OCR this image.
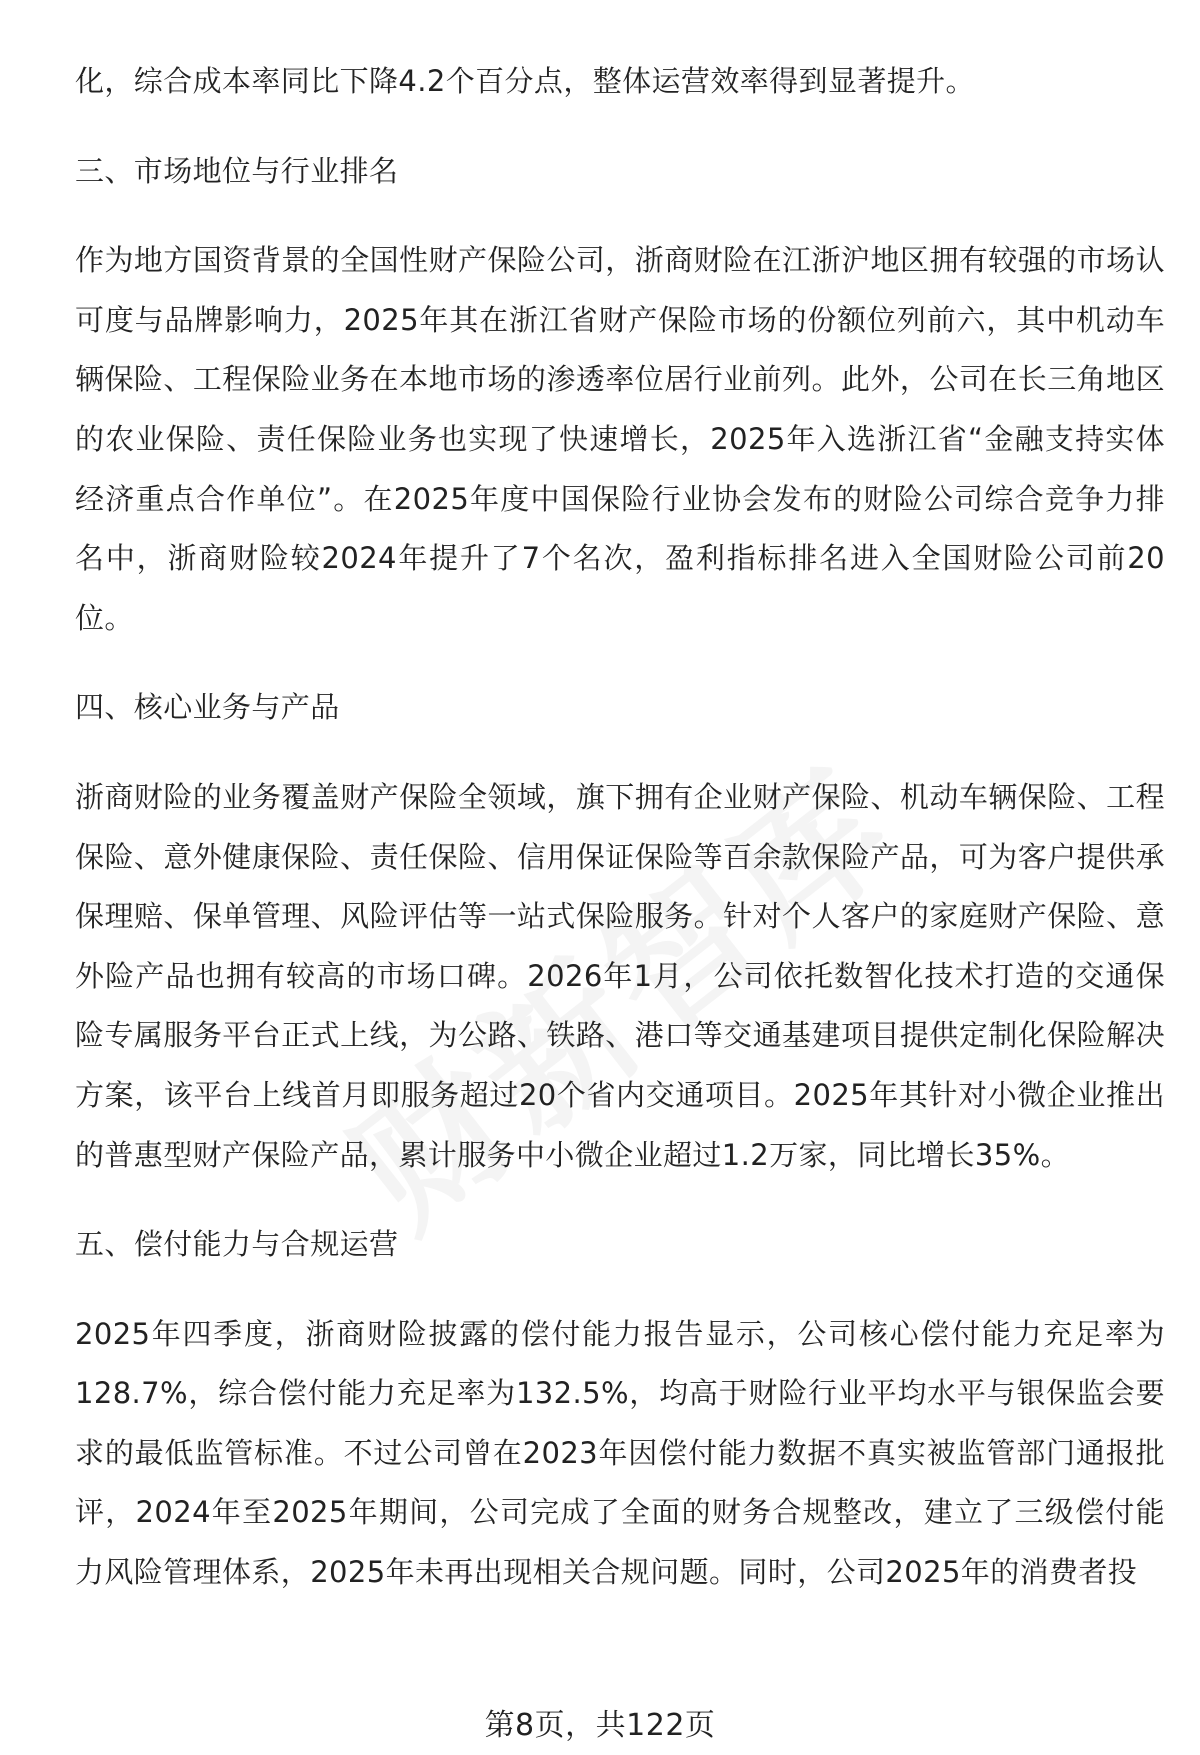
化，综合成本率同比下降4.2个百分点，整体运营效率得到显著提升。

三、市场地位与行业排名

作为地方国资背景的全国性财产保险公司，浙商财险在江浙沪地区拥有较强的市场认可度与品牌影响力，2025年其在浙江省财产保险市场的份额位列前六，其中机动车辆保险、工程保险业务在本地市场的渗透率位居行业前列。此外，公司在长三角地区的农业保险、责任保险业务也实现了快速增长，2025年入选浙江省“金融支持实体经济重点合作单位”。在2025年度中国保险行业协会发布的财险公司综合竞争力排名中，浙商财险较2024年提升了7个名次，盈利指标排名进入全国财险公司前20位。

四、核心业务与产品

浙商财险的业务覆盖财产保险全领域，旗下拥有企业财产保险、机动车辆保险、工程保险、意外健康保险、责任保险、信用保证保险等百余款保险产品，可为客户提供承保理赔、保单管理、风险评估等一站式保险服务。针对个人客户的家庭财产保险、意外险产品也拥有较高的市场口碑。2026年1月，公司依托数智化技术打造的交通保险专属服务平台正式上线，为公路、铁路、港口等交通基建项目提供定制化保险解决方案，该平台上线首月即服务超过20个省内交通项目。2025年其针对小微企业推出的普惠型财产保险产品，累计服务中小微企业超过1.2万家，同比增长35%。

五、偿付能力与合规运营

2025年四季度，浙商财险披露的偿付能力报告显示，公司核心偿付能力充足率为128.7%，综合偿付能力充足率为132.5%，均高于财险行业平均水平与银保监会要求的最低监管标准。不过公司曾在2023年因偿付能力数据不真实被监管部门通报批评，2024年至2025年期间，公司完成了全面的财务合规整改，建立了三级偿付能力风险管理体系，2025年未再出现相关合规问题。同时，公司2025年的消费者投

第8页，共122页
